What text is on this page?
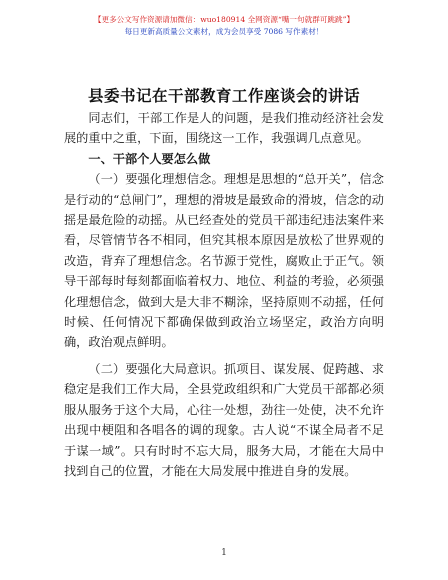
【更多公文写作资源请加微信：wuo180914 全网资源“嘴一句就群可跳跳”】
每日更新高质量公文素材，成为会员享受 7086 写作素材！
县委书记在干部教育工作座谈会的讲话

同志们，干部工作是人的问题，是我们推动经济社会发展的重中之重，下面，围绕这一工作，我强调几点意见。

一、干部个人要怎么做

（一）要强化理想信念。理想是思想的“总开关”，信念是行动的“总闸门”，理想的滑坡是最致命的滑坡，信念的动摇是最危险的动摇。从已经查处的党员干部违纪违法案件来看，尽管情节各不相同，但究其根本原因是放松了世界观的改造，背弃了理想信念。名节源于党性，腐败止于正气。领导干部每时每刻都面临着权力、地位、利益的考验，必须强化理想信念，做到大是大非不糊涂，坚持原则不动摇，任何时候、任何情况下都确保做到政治立场坚定，政治方向明确，政治观点鲜明。

（二）要强化大局意识。抓项目、谋发展、促跨越、求稳定是我们工作大局，全县党政组织和广大党员干部都必须服从服务于这个大局，心往一处想，劲往一处使，决不允许出现中梗阻和各唱各的调的现象。古人说“不谋全局者不足于谋一域”。只有时时不忘大局，服务大局，才能在大局中找到自己的位置，才能在大局发展中推进自身的发展。

1
